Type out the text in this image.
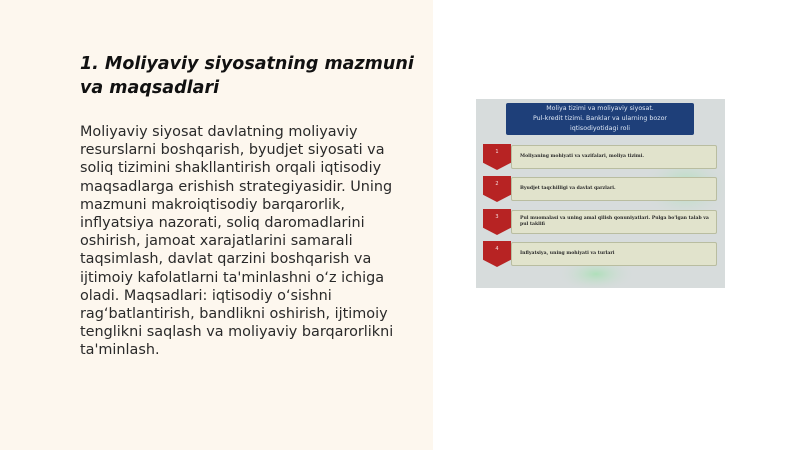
1. Moliyaviy siyosatning mazmuni va maqsadlari

Moliyaviy siyosat davlatning moliyaviy resurslarni boshqarish, byudjet siyosati va soliq tizimini shakllantirish orqali iqtisodiy maqsadlarga erishish strategiyasidir. Uning mazmuni makroiqtisodiy barqarorlik, inflyatsiya nazorati, soliq daromadlarini oshirish, jamoat xarajatlarini samarali taqsimlash, davlat qarzini boshqarish va ijtimoiy kafolatlarni ta'minlashni o‘z ichiga oladi. Maqsadlari: iqtisodiy o‘sishni rag‘batlantirish, bandlikni oshirish, ijtimoiy tenglikni saqlash va moliyaviy barqarorlikni ta'minlash.

Moliya tizimi va moliyaviy siyosat.
Pul-kredit tizimi. Banklar va ularning bozor
iqtisodiyotidagi roli
1
Moliyaning mohiyati va vazifalari, moliya tizimi.
2
Byudjet taqchilligi va davlat qarzlari.
3	Pul muomalasi va uning amal qilish qonuniyatlari. Pulga bo'lgan talab va pul taklifi
4
Inflyatsiya, uning mohiyati va turlari
